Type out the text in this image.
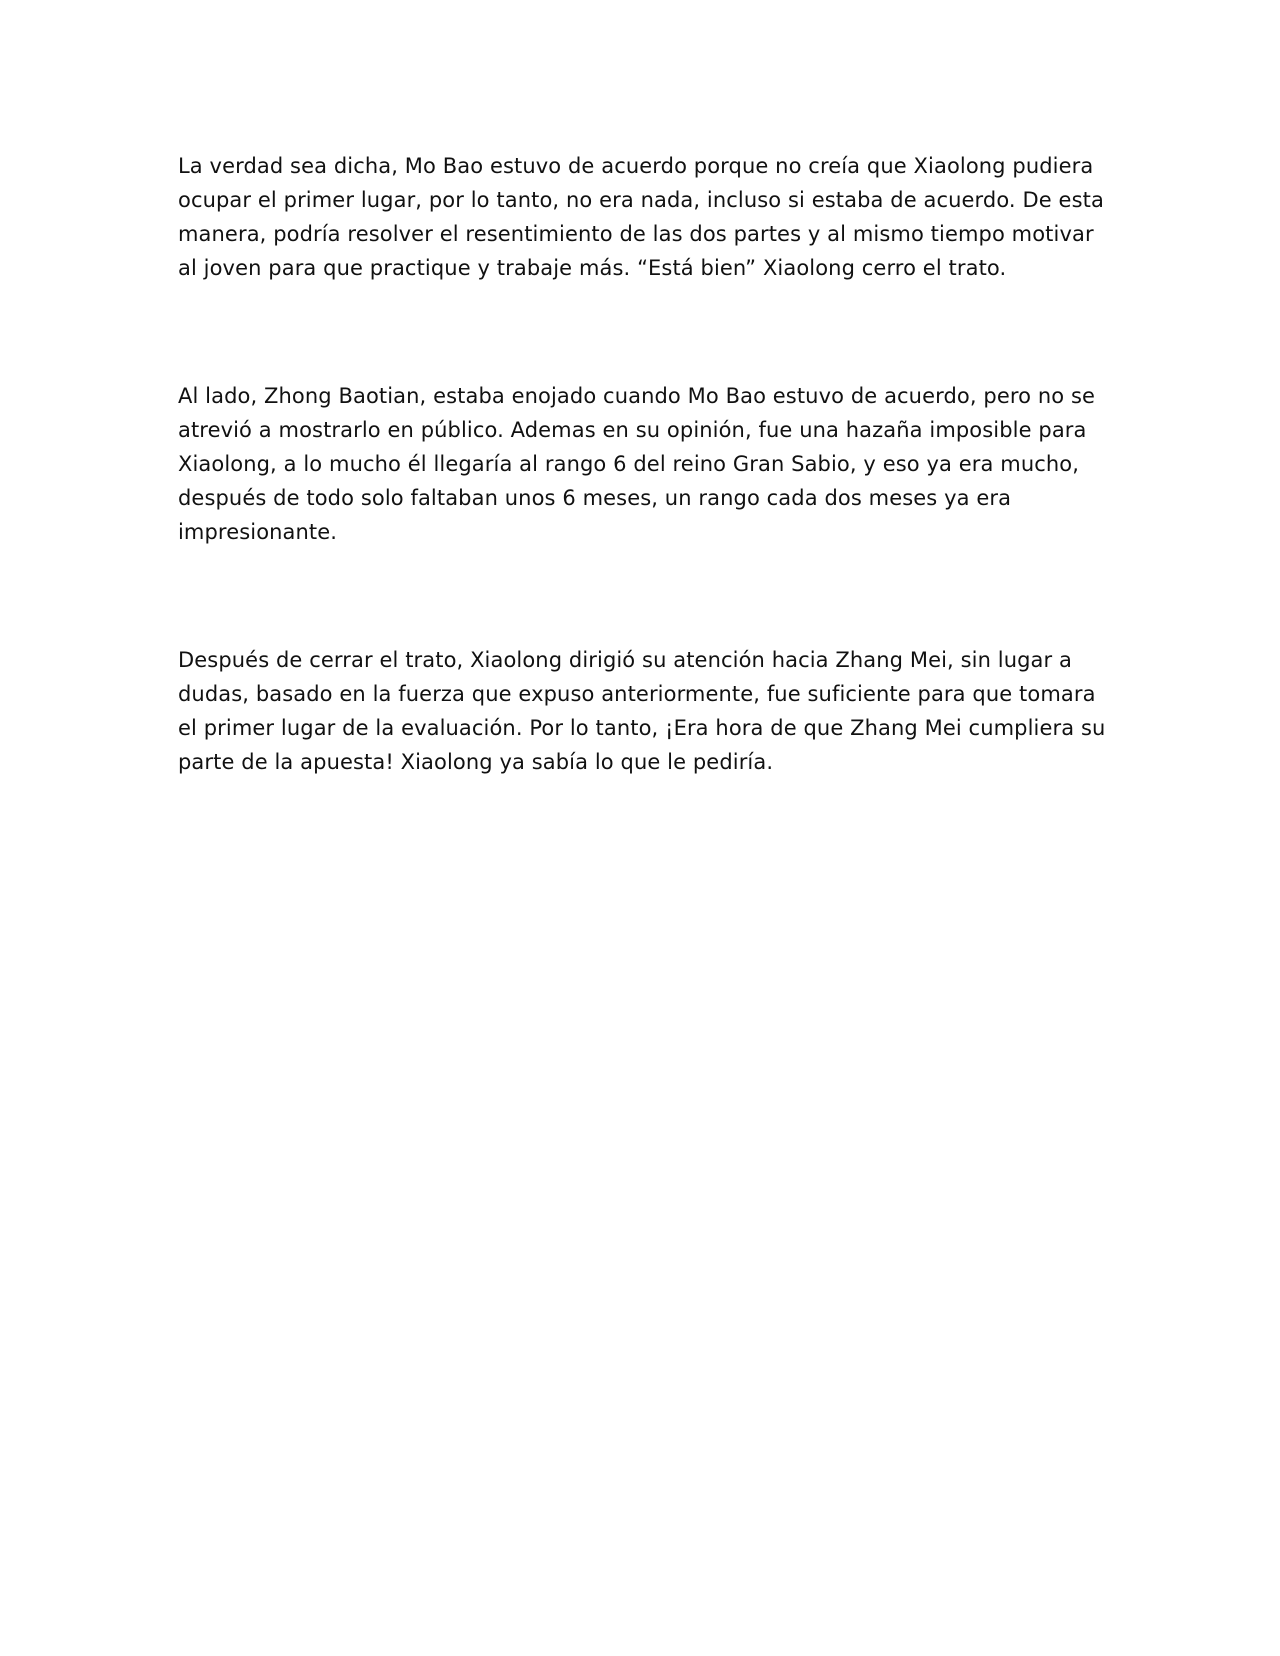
La verdad sea dicha, Mo Bao estuvo de acuerdo porque no creía que Xiaolong pudiera
ocupar el primer lugar, por lo tanto, no era nada, incluso si estaba de acuerdo. De esta
manera, podría resolver el resentimiento de las dos partes y al mismo tiempo motivar
al joven para que practique y trabaje más. “Está bien” Xiaolong cerro el trato.

Al lado, Zhong Baotian, estaba enojado cuando Mo Bao estuvo de acuerdo, pero no se
atrevió a mostrarlo en público. Ademas en su opinión, fue una hazaña imposible para
Xiaolong, a lo mucho él llegaría al rango 6 del reino Gran Sabio, y eso ya era mucho,
después de todo solo faltaban unos 6 meses, un rango cada dos meses ya era
impresionante.

Después de cerrar el trato, Xiaolong dirigió su atención hacia Zhang Mei, sin lugar a
dudas, basado en la fuerza que expuso anteriormente, fue suficiente para que tomara
el primer lugar de la evaluación. Por lo tanto, ¡Era hora de que Zhang Mei cumpliera su
parte de la apuesta! Xiaolong ya sabía lo que le pediría.
